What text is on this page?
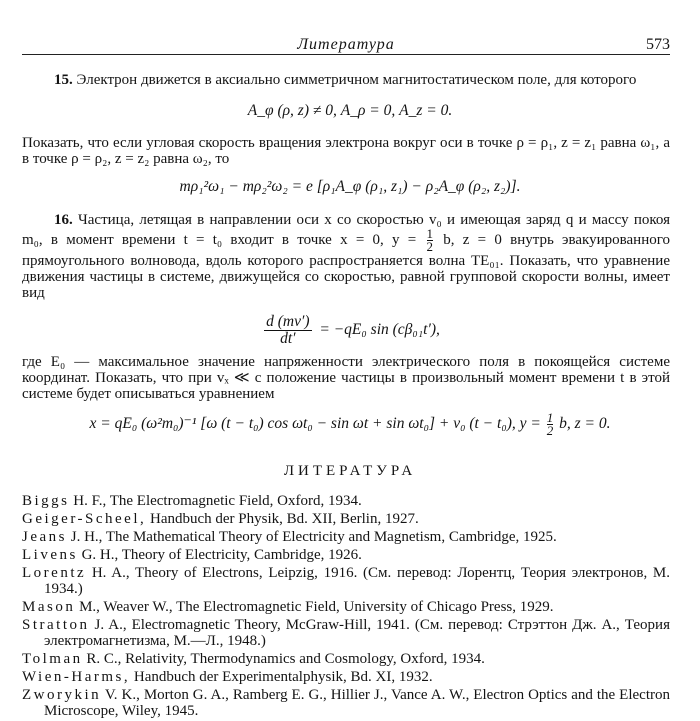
Литература	573
15. Электрон движется в аксиально симметричном магнитостатическом поле, для которого
A_φ (ρ, z) ≠ 0, A_ρ = 0, A_z = 0.
Показать, что если угловая скорость вращения электрона вокруг оси в точке ρ = ρ₁, z = z₁ равна ω₁, а в точке ρ = ρ₂, z = z₂ равна ω₂, то
mρ₁²ω₁ − mρ₂²ω₂ = e [ρ₁A_φ (ρ₁, z₁) − ρ₂A_φ (ρ₂, z₂)].
16. Частица, летящая в направлении оси x со скоростью v₀ и имеющая заряд q и массу покоя m₀, в момент времени t = t₀ входит в точке x = 0, $y = \frac{1}{2} b$, z = 0 внутрь эвакуированного прямоугольного волновода, вдоль которого распространяется волна TE₀₁. Показать, что уравнение движения частицы в системе, движущейся со скоростью, равной групповой скорости волны, имеет вид
$\frac{d (mv')}{dt'} = -qE_0$ sin (cβ₀₁t′),
где E₀ — максимальное значение напряженности электрического поля в покоящейся системе координат. Показать, что при vₓ ≪ c положение частицы в произвольный момент времени t в этой системе будет описываться уравнением
x = qE₀ (ω²m₀)⁻¹ [ω (t − t₀) cos ωt₀ − sin ωt + sin ωt₀] + v₀ (t − t₀), $y = \frac{1}{2} b$, z = 0.
ЛИТЕРАТУРА
Biggs H. F., The Electromagnetic Field, Oxford, 1934.
Geiger-Scheel, Handbuch der Physik, Bd. XII, Berlin, 1927.
Jeans J. H., The Mathematical Theory of Electricity and Magnetism, Cambridge, 1925.
Livens G. H., Theory of Electricity, Cambridge, 1926.
Lorentz H. A., Theory of Electrons, Leipzig, 1916. (См. перевод: Лорентц, Теория электронов, М. 1934.)
Mason M., Weaver W., The Electromagnetic Field, University of Chicago Press, 1929.
Stratton J. A., Electromagnetic Theory, McGraw-Hill, 1941. (См. перевод: Стрэттон Дж. А., Теория электромагнетизма, М.—Л., 1948.)
Tolman R. C., Relativity, Thermodynamics and Cosmology, Oxford, 1934.
Wien-Harms, Handbuch der Experimentalphysik, Bd. XI, 1932.
Zworykin V. K., Morton G. A., Ramberg E. G., Hillier J., Vance A. W., Electron Optics and the Electron Microscope, Wiley, 1945.
